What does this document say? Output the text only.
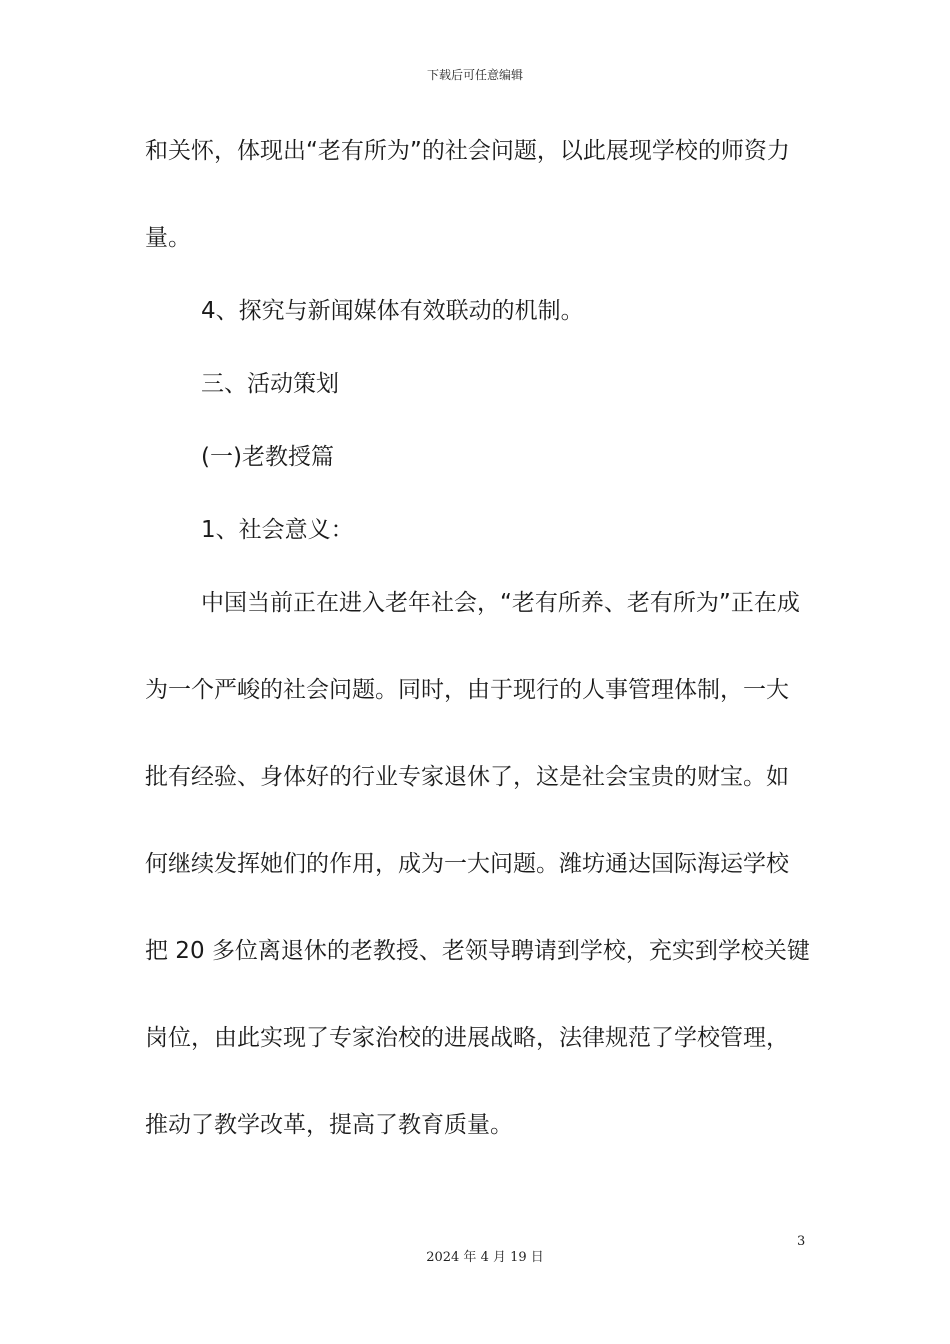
下载后可任意编辑
和关怀，体现出“老有所为”的社会问题，以此展现学校的师资力
量。
4、探究与新闻媒体有效联动的机制。
三、活动策划
(一)老教授篇
1、社会意义：
中国当前正在进入老年社会，“老有所养、老有所为”正在成
为一个严峻的社会问题。同时，由于现行的人事管理体制，一大
批有经验、身体好的行业专家退休了，这是社会宝贵的财宝。如
何继续发挥她们的作用，成为一大问题。潍坊通达国际海运学校
把 20 多位离退休的老教授、老领导聘请到学校，充实到学校关键
岗位，由此实现了专家治校的进展战略，法律规范了学校管理，
推动了教学改革，提高了教育质量。
3
2024 年 4 月 19 日
